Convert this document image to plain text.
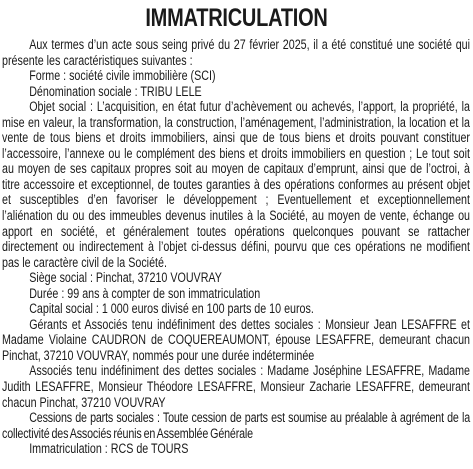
IMMATRICULATION

Aux termes d’un acte sous seing privé du 27 février 2025, il a été constitué une société qui présente les caractéristiques suivantes :

Forme : société civile immobilière (SCI)

Dénomination sociale : TRIBU LELE

Objet social : L’acquisition, en état futur d’achèvement ou achevés, l’apport, la propriété, la mise en valeur, la transformation, la construction, l’aménagement, l’administration, la location et la vente de tous biens et droits immobiliers, ainsi que de tous biens et droits pouvant constituer l’accessoire, l’annexe ou le complément des biens et droits immobiliers en question ; Le tout soit au moyen de ses capitaux propres soit au moyen de capitaux d’emprunt, ainsi que de l’octroi, à titre accessoire et exceptionnel, de toutes garanties à des opérations conformes au présent objet et susceptibles d’en favoriser le développement ; Eventuellement et exceptionnellement l’aliénation du ou des immeubles devenus inutiles à la Société, au moyen de vente, échange ou apport en société, et généralement toutes opérations quelconques pouvant se rattacher directement ou indirectement à l’objet ci-dessus défini, pourvu que ces opérations ne modifient pas le caractère civil de la Société.

Siège social : Pinchat, 37210 VOUVRAY

Durée : 99 ans à compter de son immatriculation

Capital social : 1 000 euros divisé en 100 parts de 10 euros.

Gérants et Associés tenu indéfiniment des dettes sociales : Monsieur Jean LESAFFRE et Madame Violaine CAUDRON de COQUEREAUMONT, épouse LESAFFRE, demeurant chacun Pinchat, 37210 VOUVRAY, nommés pour une durée indéterminée

Associés tenu indéfiniment des dettes sociales : Madame Joséphine LESAFFRE, Madame Judith LESAFFRE, Monsieur Théodore LESAFFRE, Monsieur Zacharie LESAFFRE, demeurant chacun Pinchat, 37210 VOUVRAY

Cessions de parts sociales : Toute cession de parts est soumise au préalable à agrément de la collectivité des Associés réunis en Assemblée Générale

Immatriculation : RCS de TOURS
